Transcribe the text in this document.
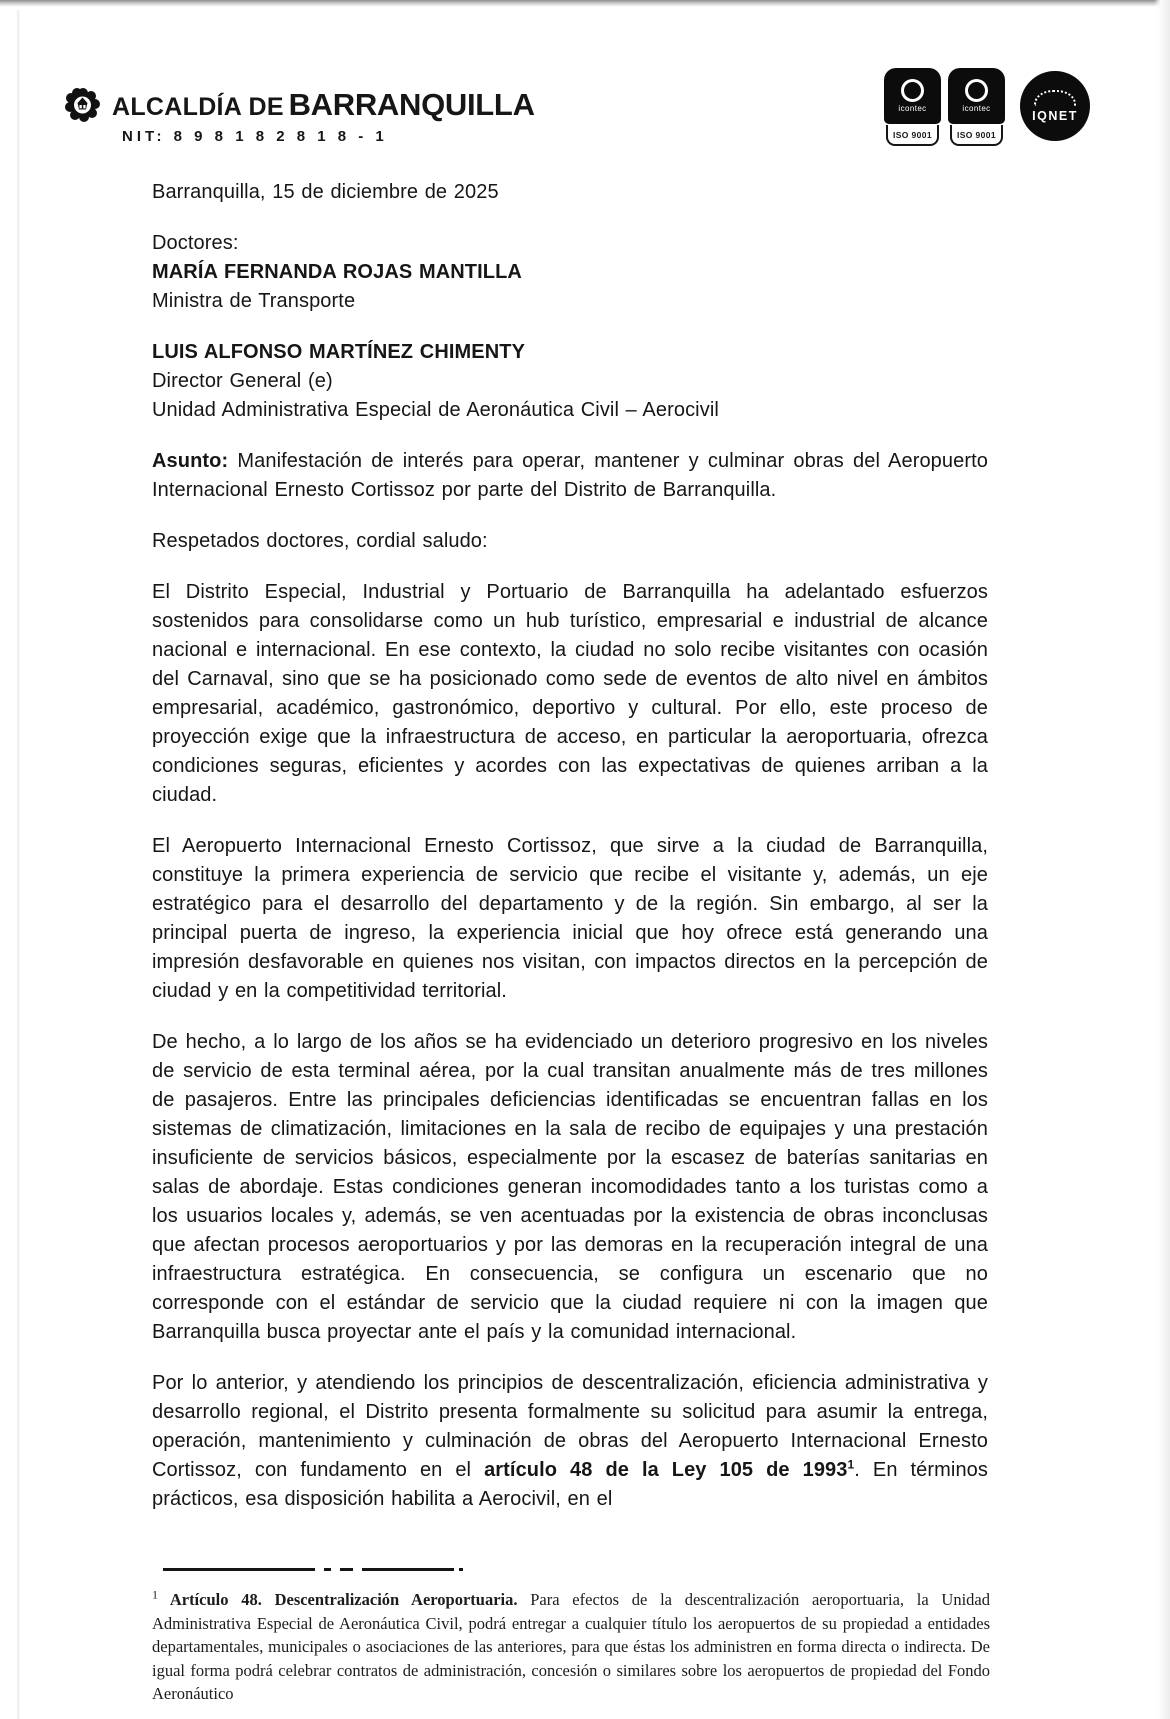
ALCALDÍA DE BARRANQUILLA
NIT: 8 9 8 1 8 2 8 1 8 - 1
icontec
ISO 9001
icontec
ISO 9001
IQNET
Barranquilla, 15 de diciembre de 2025
Doctores:
MARÍA FERNANDA ROJAS MANTILLA
Ministra de Transporte
LUIS ALFONSO MARTÍNEZ CHIMENTY
Director General (e)
Unidad Administrativa Especial de Aeronáutica Civil – Aerocivil

Asunto: Manifestación de interés para operar, mantener y culminar obras del Aeropuerto Internacional Ernesto Cortissoz por parte del Distrito de Barranquilla.

Respetados doctores, cordial saludo:

El Distrito Especial, Industrial y Portuario de Barranquilla ha adelantado esfuerzos sostenidos para consolidarse como un hub turístico, empresarial e industrial de alcance nacional e internacional. En ese contexto, la ciudad no solo recibe visitantes con ocasión del Carnaval, sino que se ha posicionado como sede de eventos de alto nivel en ámbitos empresarial, académico, gastronómico, deportivo y cultural. Por ello, este proceso de proyección exige que la infraestructura de acceso, en particular la aeroportuaria, ofrezca condiciones seguras, eficientes y acordes con las expectativas de quienes arriban a la ciudad.

El Aeropuerto Internacional Ernesto Cortissoz, que sirve a la ciudad de Barranquilla, constituye la primera experiencia de servicio que recibe el visitante y, además, un eje estratégico para el desarrollo del departamento y de la región. Sin embargo, al ser la principal puerta de ingreso, la experiencia inicial que hoy ofrece está generando una impresión desfavorable en quienes nos visitan, con impactos directos en la percepción de ciudad y en la competitividad territorial.

De hecho, a lo largo de los años se ha evidenciado un deterioro progresivo en los niveles de servicio de esta terminal aérea, por la cual transitan anualmente más de tres millones de pasajeros. Entre las principales deficiencias identificadas se encuentran fallas en los sistemas de climatización, limitaciones en la sala de recibo de equipajes y una prestación insuficiente de servicios básicos, especialmente por la escasez de baterías sanitarias en salas de abordaje. Estas condiciones generan incomodidades tanto a los turistas como a los usuarios locales y, además, se ven acentuadas por la existencia de obras inconclusas que afectan procesos aeroportuarios y por las demoras en la recuperación integral de una infraestructura estratégica. En consecuencia, se configura un escenario que no corresponde con el estándar de servicio que la ciudad requiere ni con la imagen que Barranquilla busca proyectar ante el país y la comunidad internacional.

Por lo anterior, y atendiendo los principios de descentralización, eficiencia administrativa y desarrollo regional, el Distrito presenta formalmente su solicitud para asumir la entrega, operación, mantenimiento y culminación de obras del Aeropuerto Internacional Ernesto Cortissoz, con fundamento en el artículo 48 de la Ley 105 de 1993$^1$. En términos prácticos, esa disposición habilita a Aerocivil, en el

$^1$ Artículo 48. Descentralización Aeroportuaria. Para efectos de la descentralización aeroportuaria, la Unidad Administrativa Especial de Aeronáutica Civil, podrá entregar a cualquier título los aeropuertos de su propiedad a entidades departamentales, municipales o asociaciones de las anteriores, para que éstas los administren en forma directa o indirecta. De igual forma podrá celebrar contratos de administración, concesión o similares sobre los aeropuertos de propiedad del Fondo Aeronáutico
